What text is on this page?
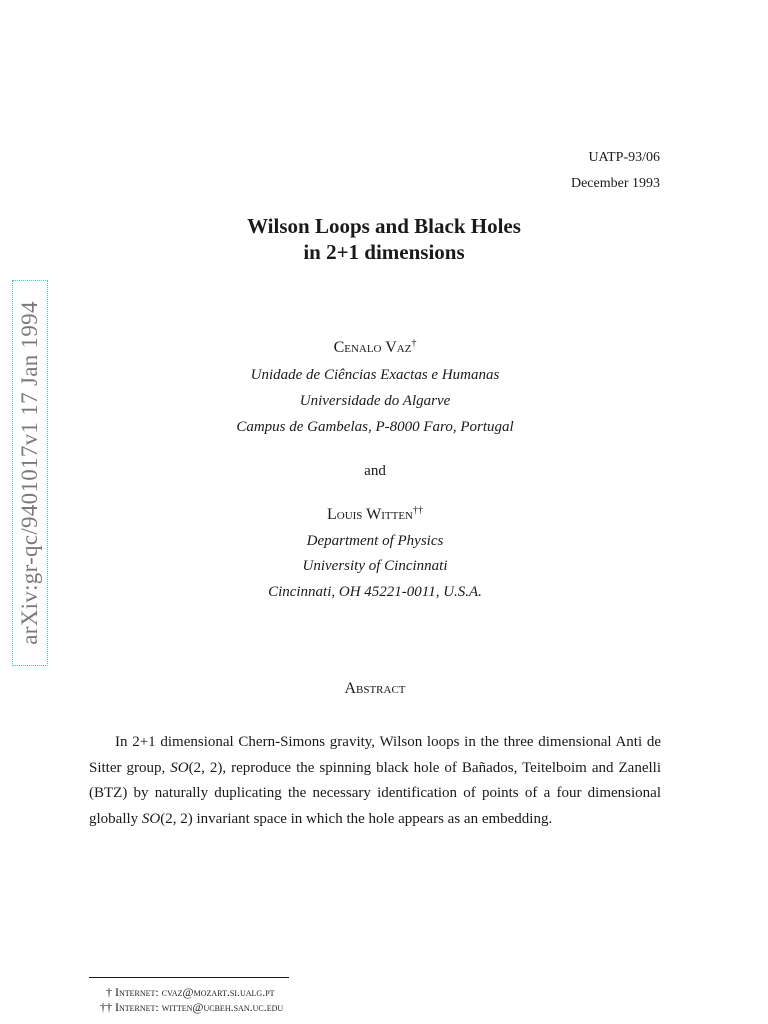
arXiv:gr-qc/9401017v1 17 Jan 1994
UATP-93/06
December 1993
Wilson Loops and Black Holes
in 2+1 dimensions
Cenalo Vaz†
Unidade de Ciências Exactas e Humanas
Universidade do Algarve
Campus de Gambelas, P-8000 Faro, Portugal
and
Louis Witten††
Department of Physics
University of Cincinnati
Cincinnati, OH 45221-0011, U.S.A.
Abstract

In 2+1 dimensional Chern-Simons gravity, Wilson loops in the three dimensional Anti de Sitter group, SO(2, 2), reproduce the spinning black hole of Bañados, Teitelboim and Zanelli (BTZ) by naturally duplicating the necessary identification of points of a four dimensional globally SO(2, 2) invariant space in which the hole appears as an embedding.

† Internet: cvaz@mozart.si.ualg.pt
†† Internet: witten@ucbeh.san.uc.edu
